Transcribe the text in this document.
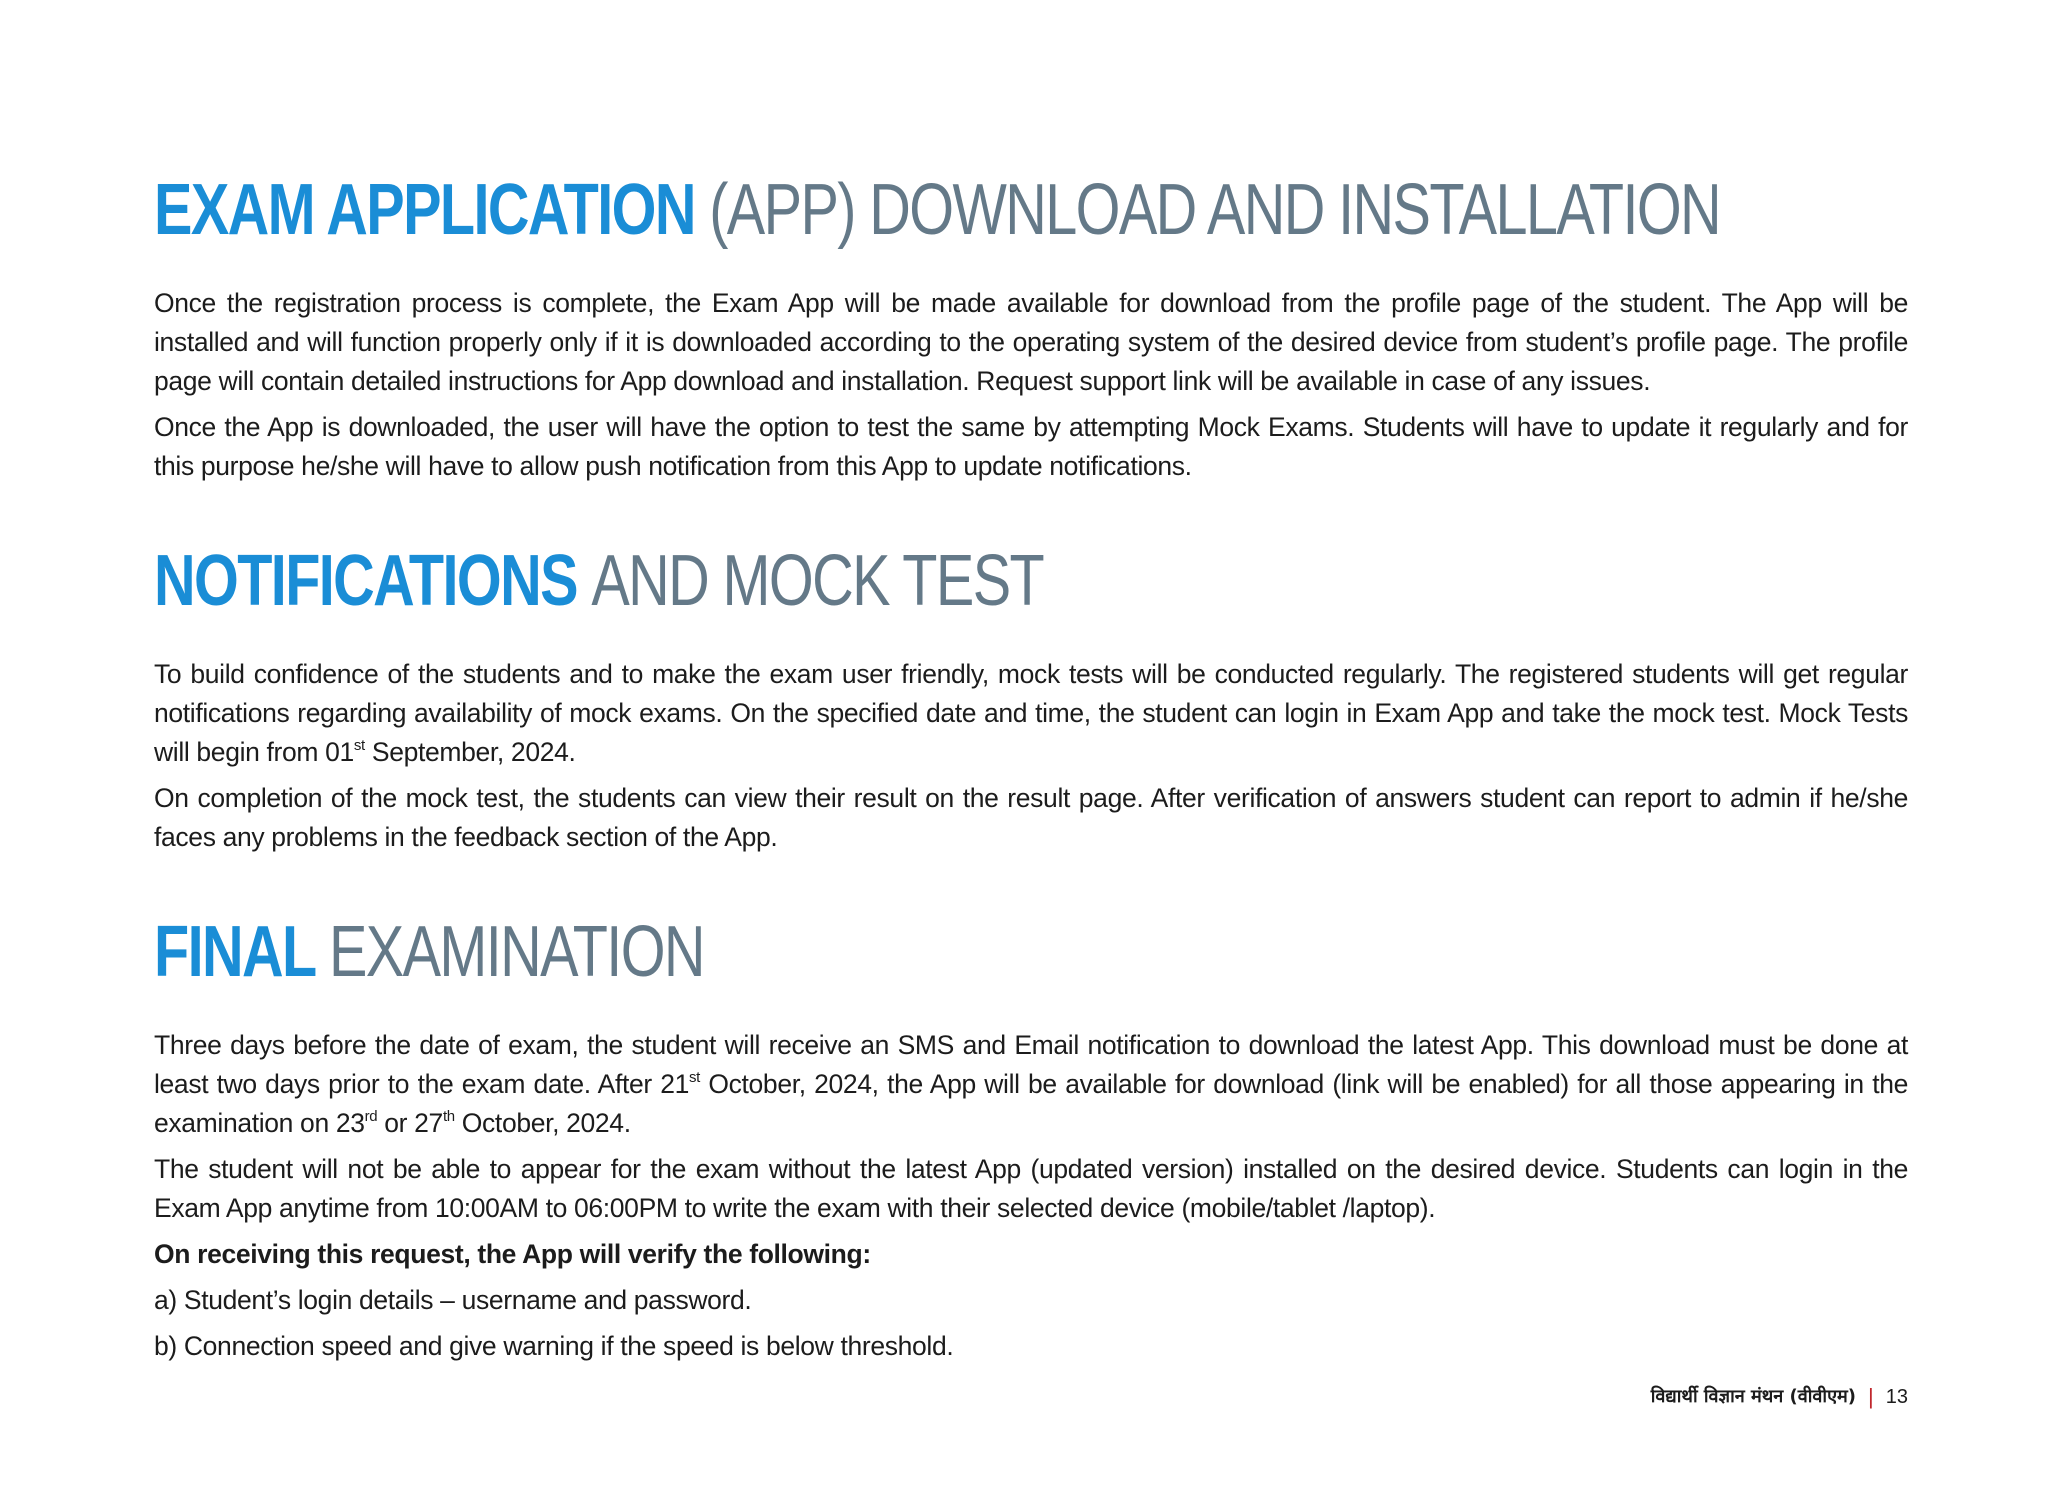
EXAM APPLICATION (APP) DOWNLOAD AND INSTALLATION

Once the registration process is complete, the Exam App will be made available for download from the profile page of the student. The App will be installed and will function properly only if it is downloaded according to the operating system of the desired device from student’s profile page. The profile page will contain detailed instructions for App download and installation. Request support link will be available in case of any issues.

Once the App is downloaded, the user will have the option to test the same by attempting Mock Exams. Students will have to update it regularly and for this purpose he/she will have to allow push notification from this App to update notifications.

NOTIFICATIONS AND MOCK TEST

To build confidence of the students and to make the exam user friendly, mock tests will be conducted regularly. The registered students will get regular notifications regarding availability of mock exams. On the specified date and time, the student can login in Exam App and take the mock test. Mock Tests will begin from 01st September, 2024.

On completion of the mock test, the students can view their result on the result page. After verification of answers student can report to admin if he/she faces any problems in the feedback section of the App.

FINAL EXAMINATION

Three days before the date of exam, the student will receive an SMS and Email notification to download the latest App. This download must be done at least two days prior to the exam date. After 21st October, 2024, the App will be available for download (link will be enabled) for all those appearing in the examination on 23rd or 27th October, 2024.

The student will not be able to appear for the exam without the latest App (updated version) installed on the desired device. Students can login in the Exam App anytime from 10:00AM to 06:00PM to write the exam with their selected device (mobile/tablet /laptop).

On receiving this request, the App will verify the following:

a) Student’s login details – username and password.

b) Connection speed and give warning if the speed is below threshold.

विद्यार्थी विज्ञान मंथन (वीवीएम) | 13
